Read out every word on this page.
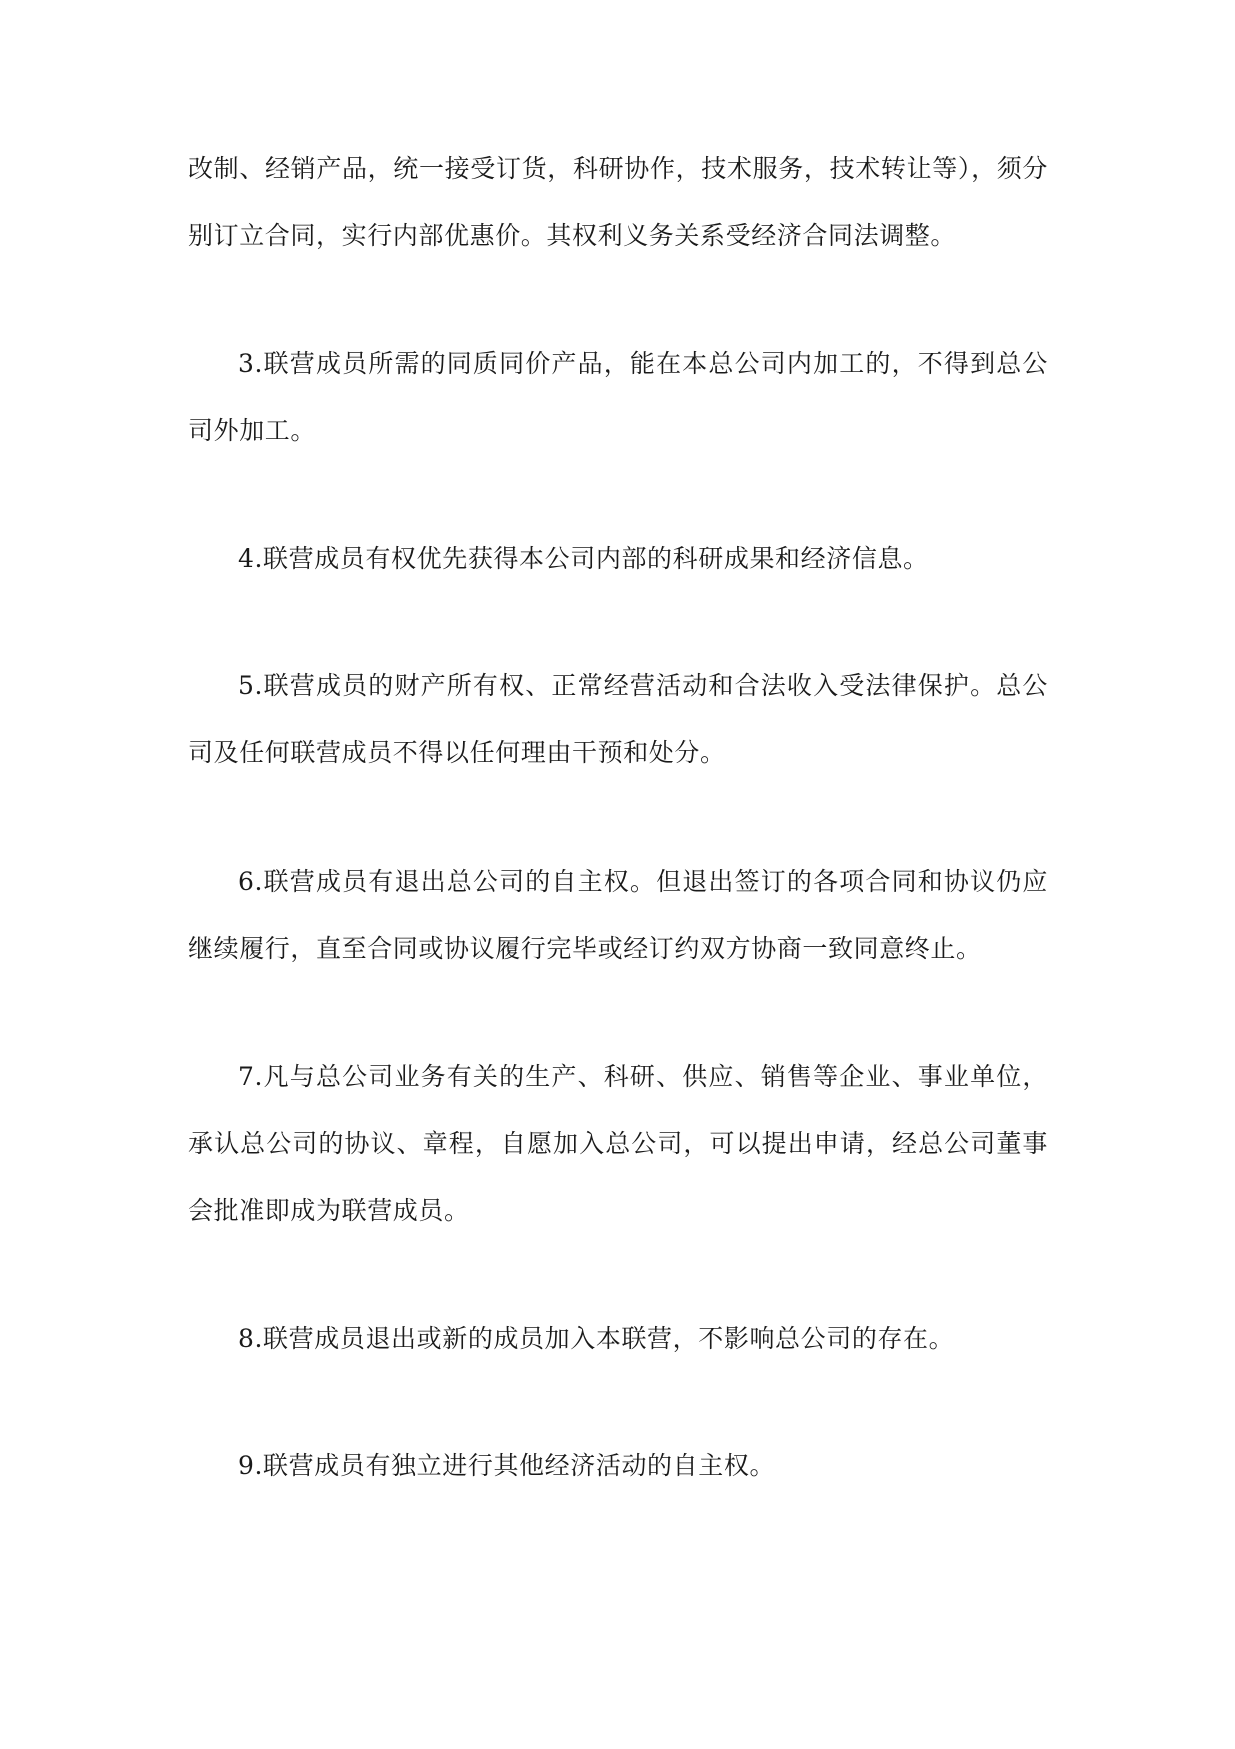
改制、经销产品，统一接受订货，科研协作，技术服务，技术转让等），须分别订立合同，实行内部优惠价。其权利义务关系受经济合同法调整。

3.联营成员所需的同质同价产品，能在本总公司内加工的，不得到总公司外加工。

4.联营成员有权优先获得本公司内部的科研成果和经济信息。

5.联营成员的财产所有权、正常经营活动和合法收入受法律保护。总公司及任何联营成员不得以任何理由干预和处分。

6.联营成员有退出总公司的自主权。但退出签订的各项合同和协议仍应继续履行，直至合同或协议履行完毕或经订约双方协商一致同意终止。

7.凡与总公司业务有关的生产、科研、供应、销售等企业、事业单位，承认总公司的协议、章程，自愿加入总公司，可以提出申请，经总公司董事会批准即成为联营成员。

8.联营成员退出或新的成员加入本联营，不影响总公司的存在。

9.联营成员有独立进行其他经济活动的自主权。
